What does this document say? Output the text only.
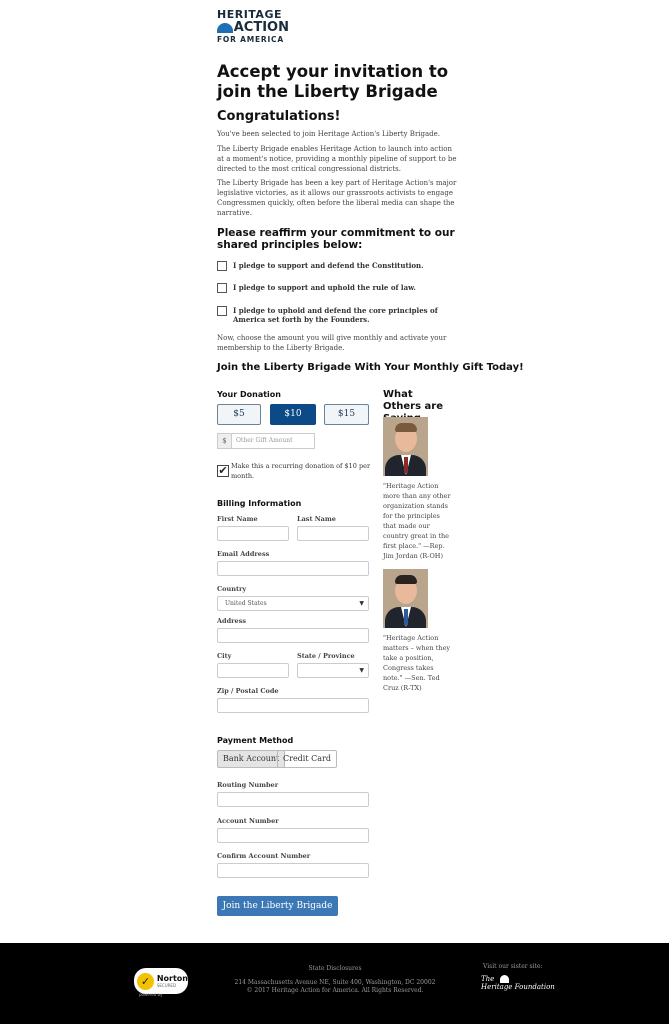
HERITAGE
ACTION
FOR AMERICA
Accept your invitation to join the Liberty Brigade
Congratulations!
You've been selected to join Heritage Action's Liberty Brigade.
The Liberty Brigade enables Heritage Action to launch into action at a moment's notice, providing a monthly pipeline of support to be directed to the most critical congressional districts.
The Liberty Brigade has been a key part of Heritage Action's major legislative victories, as it allows our grassroots activists to engage Congressmen quickly, often before the liberal media can shape the narrative.
Please reaffirm your commitment to our shared principles below:
I pledge to support and defend the Constitution.
I pledge to support and uphold the rule of law.
I pledge to uphold and defend the core principles of America set forth by the Founders.
Now, choose the amount you will give monthly and activate your membership to the Liberty Brigade.
Join the Liberty Brigade With Your Monthly Gift Today!
Your Donation
$5	$10	$15
$	Other Gift Amount
✔ Make this a recurring donation of $10 per month.
Billing Information
First Name	Last Name
Email Address
Country
United States	▼
Address
City	State / Province
▼
Zip / Postal Code
Payment Method
Bank Account Credit Card
Routing Number
Account Number
Confirm Account Number
Join the Liberty Brigade
What Others are
"Heritage Action more than any other organization stands for the principles that made our country great in the first place." —Rep. Jim Jordan (R-OH)
"Heritage Action matters – when they take a position, Congress takes note." —Sen. Ted Cruz (R-TX)
✓ Norton
SECURED
powered by
State Disclosures
214 Massachusetts Avenue NE, Suite 400, Washington, DC 20002
© 2017 Heritage Action for America. All Rights Reserved.
Visit our sister site:
The
Heritage Foundation
